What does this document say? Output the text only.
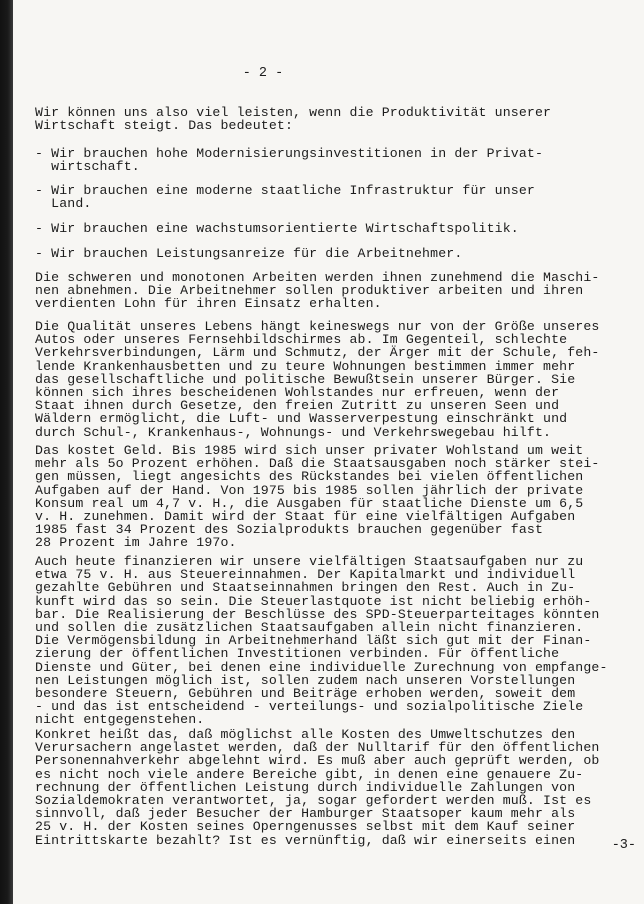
- 2 -

Wir können uns also viel leisten, wenn die Produktivität unserer
Wirtschaft steigt. Das bedeutet:

- Wir brauchen hohe Modernisierungsinvestitionen in der Privat-
wirtschaft.

- Wir brauchen eine moderne staatliche Infrastruktur für unser
Land.

- Wir brauchen eine wachstumsorientierte Wirtschaftspolitik.

- Wir brauchen Leistungsanreize für die Arbeitnehmer.

Die schweren und monotonen Arbeiten werden ihnen zunehmend die Maschi-
nen abnehmen. Die Arbeitnehmer sollen produktiver arbeiten und ihren
verdienten Lohn für ihren Einsatz erhalten.

Die Qualität unseres Lebens hängt keineswegs nur von der Größe unseres
Autos oder unseres Fernsehbildschirmes ab. Im Gegenteil, schlechte
Verkehrsverbindungen, Lärm und Schmutz, der Ärger mit der Schule, feh-
lende Krankenhausbetten und zu teure Wohnungen bestimmen immer mehr
das gesellschaftliche und politische Bewußtsein unserer Bürger. Sie
können sich ihres bescheidenen Wohlstandes nur erfreuen, wenn der
Staat ihnen durch Gesetze, den freien Zutritt zu unseren Seen und
Wäldern ermöglicht, die Luft- und Wasserverpestung einschränkt und
durch Schul-, Krankenhaus-, Wohnungs- und Verkehrswegebau hilft.

Das kostet Geld. Bis 1985 wird sich unser privater Wohlstand um weit
mehr als 5o Prozent erhöhen. Daß die Staatsausgaben noch stärker stei-
gen müssen, liegt angesichts des Rückstandes bei vielen öffentlichen
Aufgaben auf der Hand. Von 1975 bis 1985 sollen jährlich der private
Konsum real um 4,7 v. H., die Ausgaben für staatliche Dienste um 6,5
v. H. zunehmen. Damit wird der Staat für eine vielfältigen Aufgaben
1985 fast 34 Prozent des Sozialprodukts brauchen gegenüber fast
28 Prozent im Jahre 197o.

Auch heute finanzieren wir unsere vielfältigen Staatsaufgaben nur zu
etwa 75 v. H. aus Steuereinnahmen. Der Kapitalmarkt und individuell
gezahlte Gebühren und Staatseinnahmen bringen den Rest. Auch in Zu-
kunft wird das so sein. Die Steuerlastquote ist nicht beliebig erhöh-
bar. Die Realisierung der Beschlüsse des SPD-Steuerparteitages könnten
und sollen die zusätzlichen Staatsaufgaben allein nicht finanzieren.
Die Vermögensbildung in Arbeitnehmerhand läßt sich gut mit der Finan-
zierung der öffentlichen Investitionen verbinden. Für öffentliche
Dienste und Güter, bei denen eine individuelle Zurechnung von empfange-
nen Leistungen möglich ist, sollen zudem nach unseren Vorstellungen
besondere Steuern, Gebühren und Beiträge erhoben werden, soweit dem
- und das ist entscheidend - verteilungs- und sozialpolitische Ziele
nicht entgegenstehen.

Konkret heißt das, daß möglichst alle Kosten des Umweltschutzes den
Verursachern angelastet werden, daß der Nulltarif für den öffentlichen
Personennahverkehr abgelehnt wird. Es muß aber auch geprüft werden, ob
es nicht noch viele andere Bereiche gibt, in denen eine genauere Zu-
rechnung der öffentlichen Leistung durch individuelle Zahlungen von
Sozialdemokraten verantwortet, ja, sogar gefordert werden muß. Ist es
sinnvoll, daß jeder Besucher der Hamburger Staatsoper kaum mehr als
25 v. H. der Kosten seines Operngenusses selbst mit dem Kauf seiner
Eintrittskarte bezahlt? Ist es vernünftig, daß wir einerseits einen	-3-
